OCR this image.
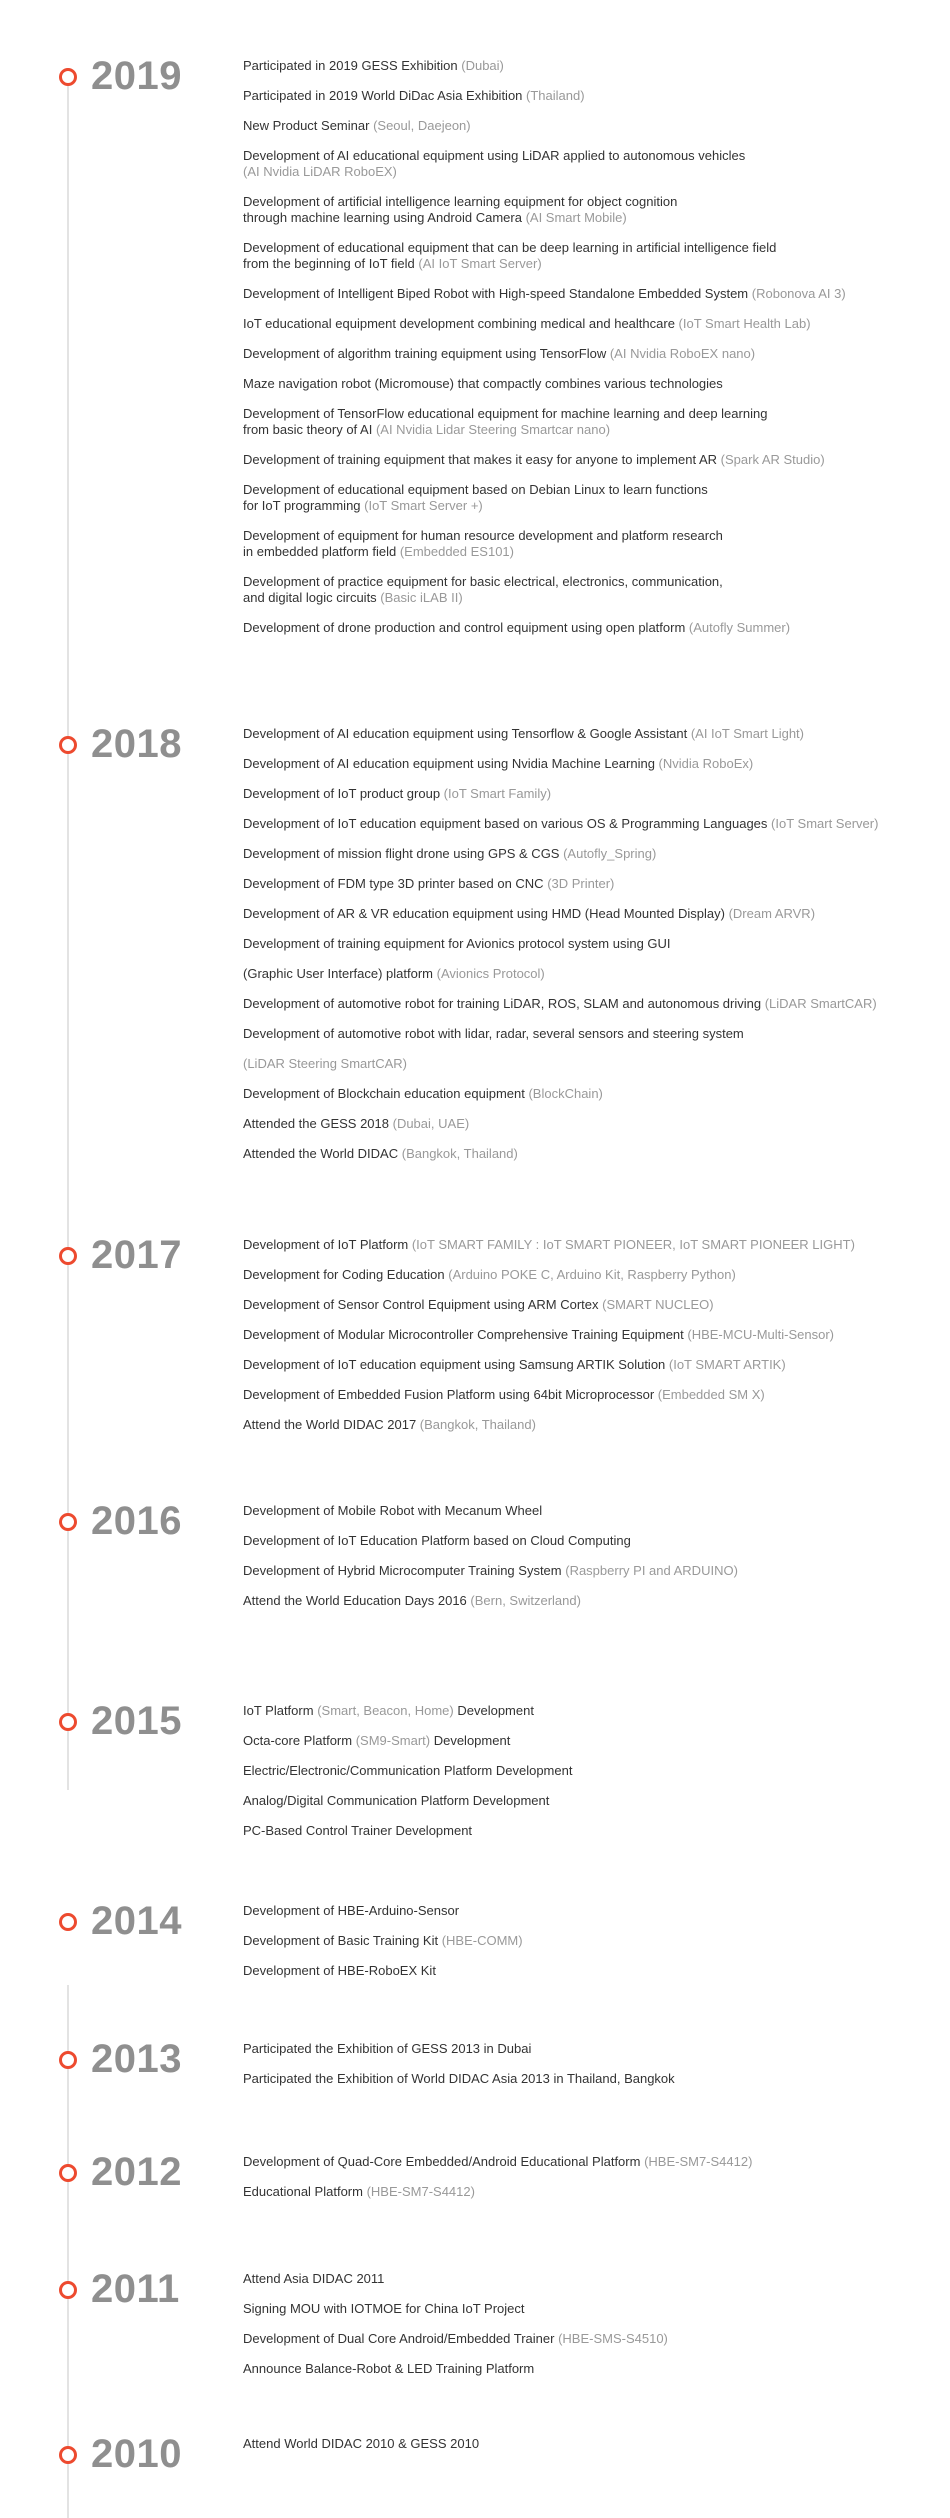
2019	Participated in 2019 GESS Exhibition (Dubai)
Participated in 2019 World DiDac Asia Exhibition (Thailand)
New Product Seminar (Seoul, Daejeon)
Development of AI educational equipment using LiDAR applied to autonomous vehicles
(AI Nvidia LiDAR RoboEX)
Development of artificial intelligence learning equipment for object cognition
through machine learning using Android Camera (AI Smart Mobile)
Development of educational equipment that can be deep learning in artificial intelligence field
from the beginning of IoT field (AI IoT Smart Server)
Development of Intelligent Biped Robot with High-speed Standalone Embedded System (Robonova AI 3)
IoT educational equipment development combining medical and healthcare (IoT Smart Health Lab)
Development of algorithm training equipment using TensorFlow (AI Nvidia RoboEX nano)
Maze navigation robot (Micromouse) that compactly combines various technologies
Development of TensorFlow educational equipment for machine learning and deep learning
from basic theory of AI (AI Nvidia Lidar Steering Smartcar nano)
Development of training equipment that makes it easy for anyone to implement AR (Spark AR Studio)
Development of educational equipment based on Debian Linux to learn functions
for IoT programming (IoT Smart Server +)
Development of equipment for human resource development and platform research
in embedded platform field (Embedded ES101)
Development of practice equipment for basic electrical, electronics, communication,
and digital logic circuits (Basic iLAB II)
Development of drone production and control equipment using open platform (Autofly Summer)
2018	Development of AI education equipment using Tensorflow & Google Assistant (AI IoT Smart Light)
Development of AI education equipment using Nvidia Machine Learning (Nvidia RoboEx)
Development of IoT product group (IoT Smart Family)
Development of IoT education equipment based on various OS & Programming Languages (IoT Smart Server)
Development of mission flight drone using GPS & CGS (Autofly_Spring)
Development of FDM type 3D printer based on CNC (3D Printer)
Development of AR & VR education equipment using HMD (Head Mounted Display) (Dream ARVR)
Development of training equipment for Avionics protocol system using GUI
(Graphic User Interface) platform (Avionics Protocol)
Development of automotive robot for training LiDAR, ROS, SLAM and autonomous driving (LiDAR SmartCAR)
Development of automotive robot with lidar, radar, several sensors and steering system
(LiDAR Steering SmartCAR)
Development of Blockchain education equipment (BlockChain)
Attended the GESS 2018 (Dubai, UAE)
Attended the World DIDAC (Bangkok, Thailand)
2017	Development of IoT Platform (IoT SMART FAMILY : IoT SMART PIONEER, IoT SMART PIONEER LIGHT)
Development for Coding Education (Arduino POKE C, Arduino Kit, Raspberry Python)
Development of Sensor Control Equipment using ARM Cortex (SMART NUCLEO)
Development of Modular Microcontroller Comprehensive Training Equipment (HBE-MCU-Multi-Sensor)
Development of IoT education equipment using Samsung ARTIK Solution (IoT SMART ARTIK)
Development of Embedded Fusion Platform using 64bit Microprocessor (Embedded SM X)
Attend the World DIDAC 2017 (Bangkok, Thailand)
2016	Development of Mobile Robot with Mecanum Wheel
Development of IoT Education Platform based on Cloud Computing
Development of Hybrid Microcomputer Training System (Raspberry PI and ARDUINO)
Attend the World Education Days 2016 (Bern, Switzerland)
2015	IoT Platform (Smart, Beacon, Home) Development
Octa-core Platform (SM9-Smart) Development
Electric/Electronic/Communication Platform Development
Analog/Digital Communication Platform Development
PC-Based Control Trainer Development
2014	Development of HBE-Arduino-Sensor
Development of Basic Training Kit (HBE-COMM)
Development of HBE-RoboEX Kit
2013	Participated the Exhibition of GESS 2013 in Dubai
Participated the Exhibition of World DIDAC Asia 2013 in Thailand, Bangkok
2012	Development of Quad-Core Embedded/Android Educational Platform (HBE-SM7-S4412)
Educational Platform (HBE-SM7-S4412)
2011	Attend Asia DIDAC 2011
Signing MOU with IOTMOE for China IoT Project
Development of Dual Core Android/Embedded Trainer (HBE-SMS-S4510)
Announce Balance-Robot & LED Training Platform
2010	Attend World DIDAC 2010 & GESS 2010
